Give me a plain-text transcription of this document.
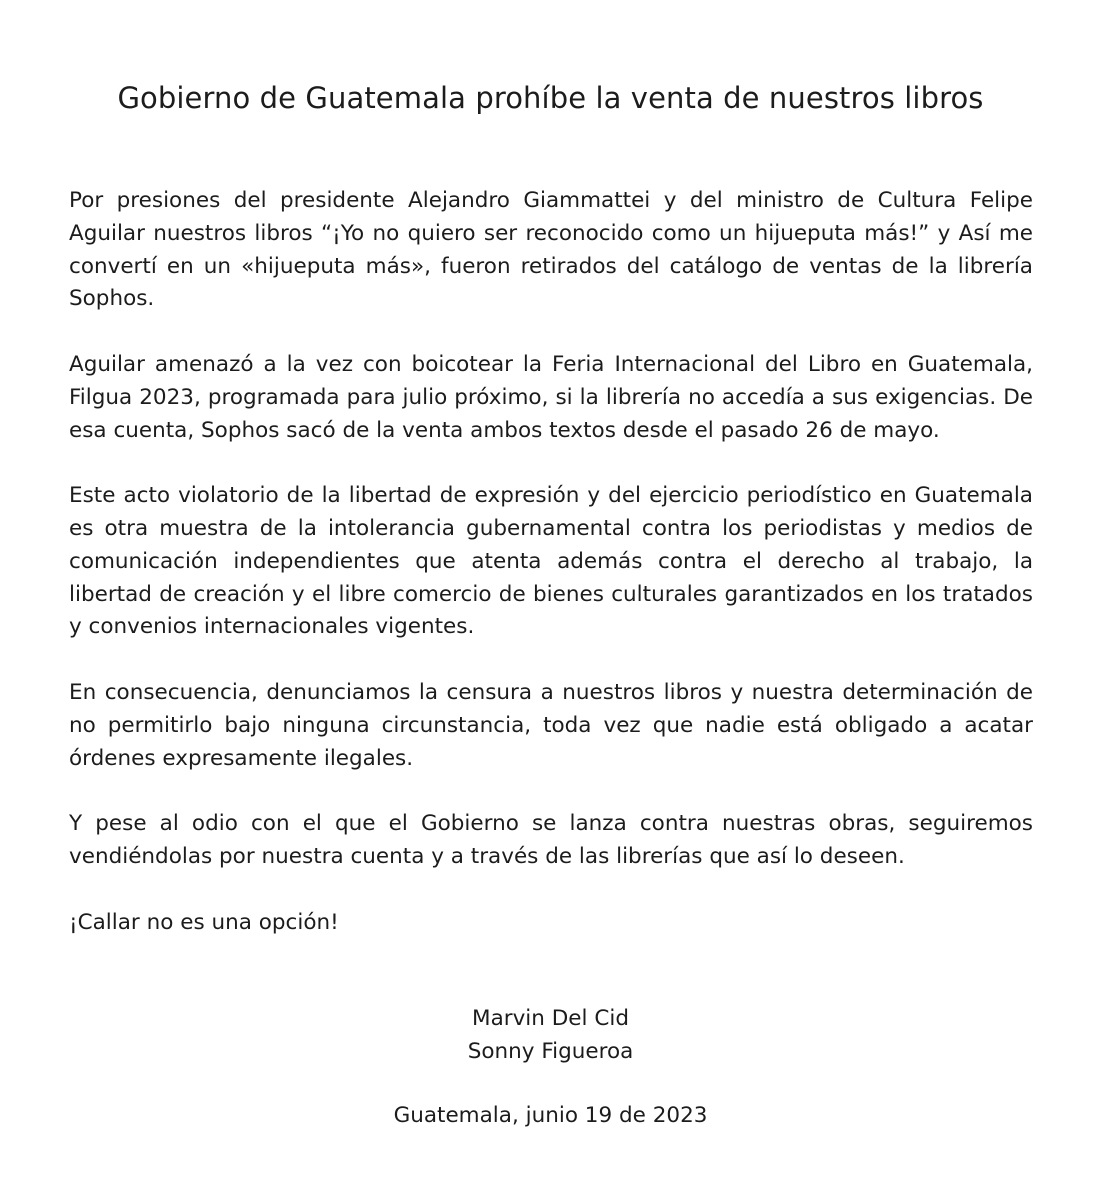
Gobierno de Guatemala prohíbe la venta de nuestros libros

Por presiones del presidente Alejandro Giammattei y del ministro de Cultura Felipe Aguilar nuestros libros “¡Yo no quiero ser reconocido como un hijueputa más!” y Así me convertí en un «hijueputa más», fueron retirados del catálogo de ventas de la librería Sophos.

Aguilar amenazó a la vez con boicotear la Feria Internacional del Libro en Guatemala, Filgua 2023, programada para julio próximo, si la librería no accedía a sus exigencias. De esa cuenta, Sophos sacó de la venta ambos textos desde el pasado 26 de mayo.

Este acto violatorio de la libertad de expresión y del ejercicio periodístico en Guatemala es otra muestra de la intolerancia gubernamental contra los periodistas y medios de comunicación independientes que atenta además contra el derecho al trabajo, la libertad de creación y el libre comercio de bienes culturales garantizados en los tratados y convenios internacionales vigentes.

En consecuencia, denunciamos la censura a nuestros libros y nuestra determinación de no permitirlo bajo ninguna circunstancia, toda vez que nadie está obligado a acatar órdenes expresamente ilegales.

Y pese al odio con el que el Gobierno se lanza contra nuestras obras, seguiremos vendiéndolas por nuestra cuenta y a través de las librerías que así lo deseen.

¡Callar no es una opción!

Marvin Del Cid
Sonny Figueroa
Guatemala, junio 19 de 2023
